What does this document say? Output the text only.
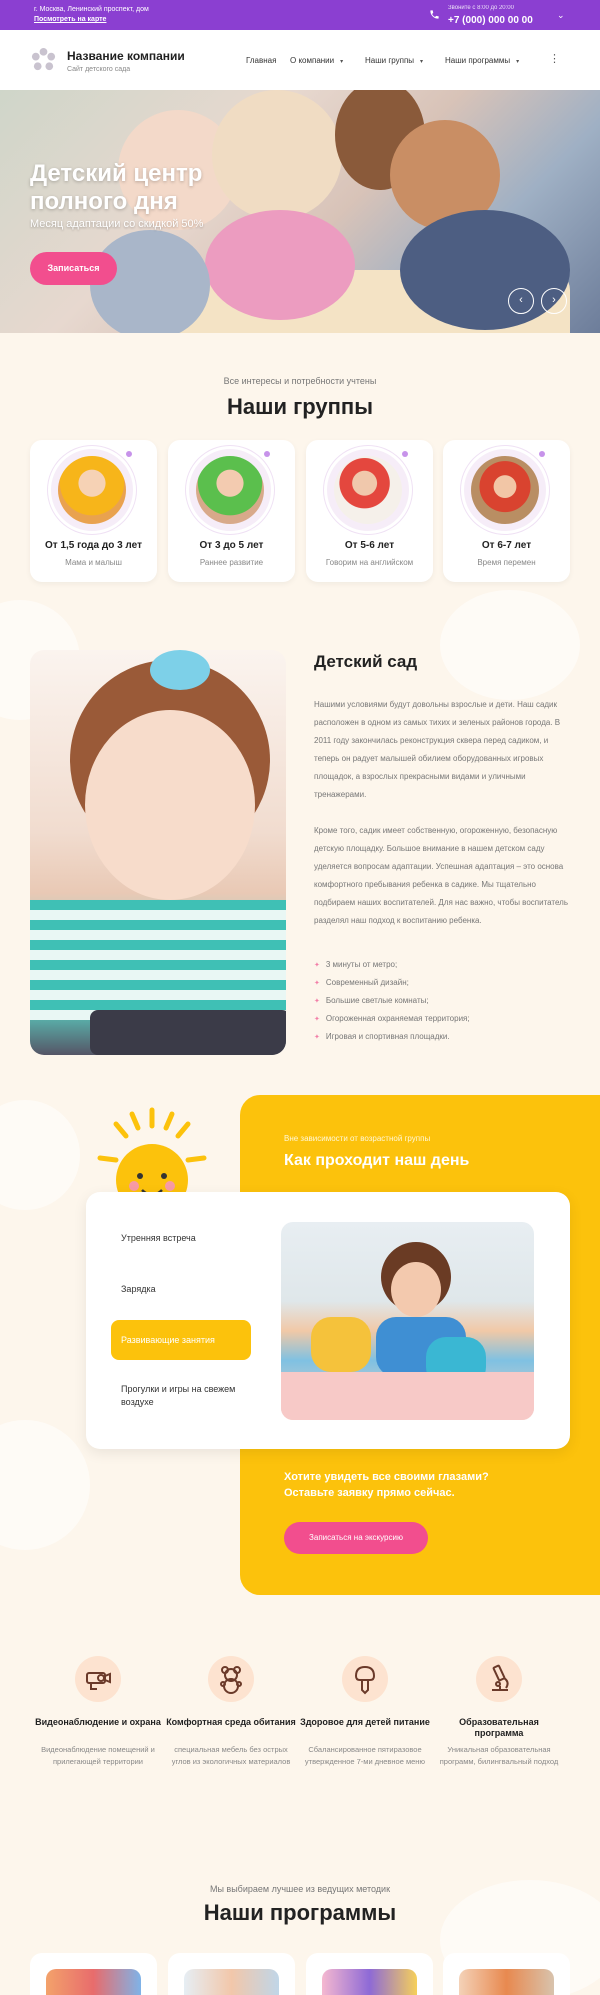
г. Москва, Ленинский проспект, дом
Посмотреть на карте
Звоните с 8:00 до 20:00
+7 (000) 000 00 00	⌄
Название компании
Сайт детского сада
Главная О компании ▾	Наши группы ▾	Наши программы ▾	⋮
Детский центр полного дня
Месяц адаптации со скидкой 50%
Записаться
‹	›
Все интересы и потребности учтены
Наши группы
От 1,5 года до 3 лет
Мама и малыш
От 3 до 5 лет
Раннее развитие
От 5-6 лет
Говорим на английском
От 6-7 лет
Время перемен
Детский сад
Нашими условиями будут довольны взрослые и дети. Наш садик расположен в одном из самых тихих и зеленых районов города. В 2011 году закончилась реконструкция сквера перед садиком, и теперь он радует малышей обилием оборудованных игровых площадок, а взрослых прекрасными видами и уличными тренажерами.
Кроме того, садик имеет собственную, огороженную, безопасную детскую площадку. Большое внимание в нашем детском саду уделяется вопросам адаптации. Успешная адаптация – это основа комфортного пребывания ребенка в садике. Мы тщательно подбираем наших воспитателей. Для нас важно, чтобы воспитатель разделял наш подход к воспитанию ребенка.
✦ 3 минуты от метро;
✦ Современный дизайн;
✦ Большие светлые комнаты;
✦ Огороженная охраняемая территория;
✦ Игровая и спортивная площадки.
Вне зависимости от возрастной группы
Как проходит наш день
Утренняя встреча
Зарядка
Развивающие занятия
Прогулки и игры на свежем воздухе
Хотите увидеть все своими глазами? Оставьте заявку прямо сейчас.
Записаться на экскурсию
Видеонаблюдение и охрана
Видеонаблюдение помещений и прилегающей территории
Комфортная среда обитания
специальная мебель без острых углов из экологичных материалов
Здоровое для детей питание
Сбалансированное пятиразовое утвержденное 7-ми дневное меню
Образовательная программа
Уникальная образовательная программ, билингвальный подход
Мы выбираем лучшее из ведущих методик
Наши программы
